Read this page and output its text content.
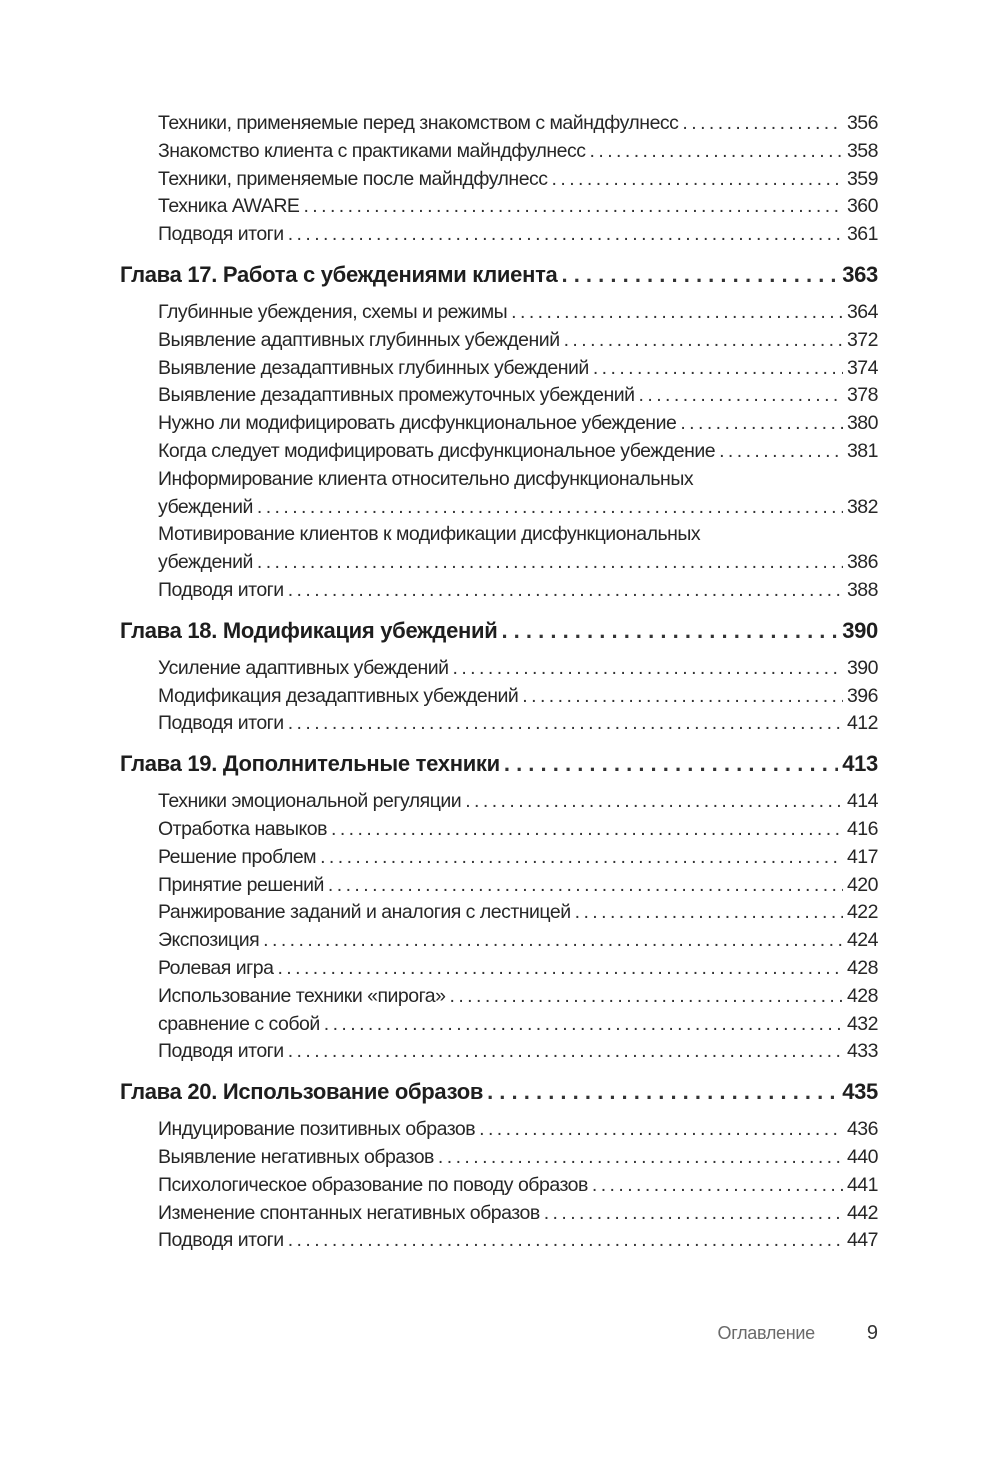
Техники, применяемые перед знакомством с майндфулнесс . . .	356
Знакомство клиента с практиками майндфулнесс . . .	358
Техники, применяемые после майндфулнесс . . .	359
Техника AWARE . . .	360
Подводя итоги . . .	361
Глава 17. Работа с убеждениями клиента . . .	363
Глубинные убеждения, схемы и режимы . . .	364
Выявление адаптивных глубинных убеждений . . .	372
Выявление дезадаптивных глубинных убеждений . . .	374
Выявление дезадаптивных промежуточных убеждений . . .	378
Нужно ли модифицировать дисфункциональное убеждение . . .	380
Когда следует модифицировать дисфункциональное убеждение . . .	381
Информирование клиента относительно дисфункциональных
убеждений . . .	382
Мотивирование клиентов к модификации дисфункциональных
убеждений . . .	386
Подводя итоги . . .	388
Глава 18. Модификация убеждений . . .	390
Усиление адаптивных убеждений . . .	390
Модификация дезадаптивных убеждений . . .	396
Подводя итоги . . .	412
Глава 19. Дополнительные техники . . .	413
Техники эмоциональной регуляции . . .	414
Отработка навыков . . .	416
Решение проблем . . .	417
Принятие решений . . .	420
Ранжирование заданий и аналогия с лестницей . . .	422
Экспозиция . . .	424
Ролевая игра . . .	428
Использование техники «пирога» . . .	428
сравнение с собой . . .	432
Подводя итоги . . .	433
Глава 20. Использование образов . . .	435
Индуцирование позитивных образов . . .	436
Выявление негативных образов . . .	440
Психологическое образование по поводу образов . . .	441
Изменение спонтанных негативных образов . . .	442
Подводя итоги . . .	447
Оглавление	9
